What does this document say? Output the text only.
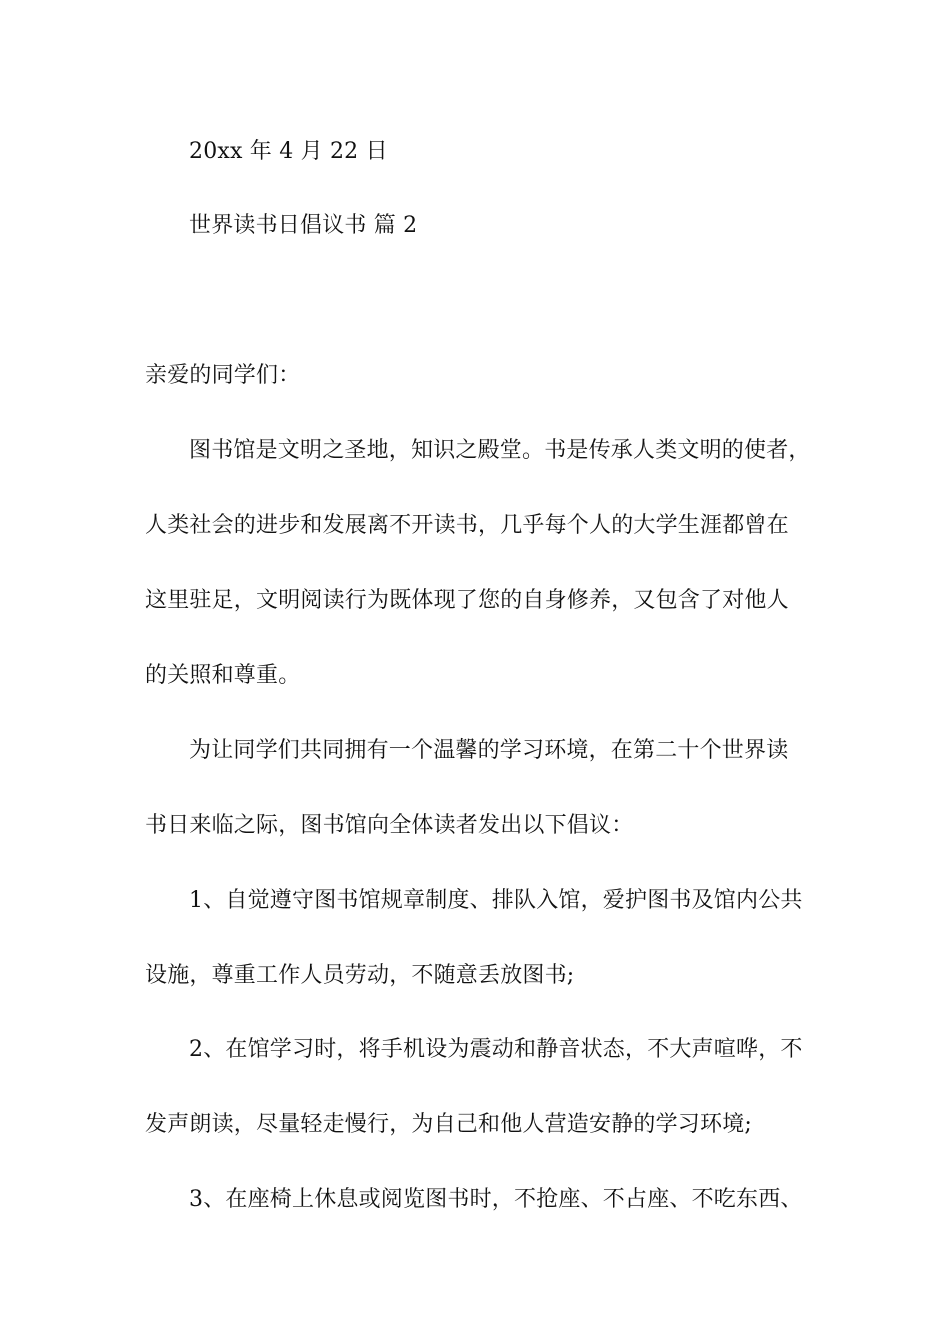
20xx 年 4 月 22 日
世界读书日倡议书 篇 2
亲爱的同学们：
图书馆是文明之圣地，知识之殿堂。书是传承人类文明的使者，
人类社会的进步和发展离不开读书，几乎每个人的大学生涯都曾在
这里驻足，文明阅读行为既体现了您的自身修养，又包含了对他人
的关照和尊重。
为让同学们共同拥有一个温馨的学习环境，在第二十个世界读
书日来临之际，图书馆向全体读者发出以下倡议：
1、自觉遵守图书馆规章制度、排队入馆，爱护图书及馆内公共
设施，尊重工作人员劳动，不随意丢放图书;
2、在馆学习时，将手机设为震动和静音状态，不大声喧哗，不
发声朗读，尽量轻走慢行，为自己和他人营造安静的学习环境;
3、在座椅上休息或阅览图书时，不抢座、不占座、不吃东西、
